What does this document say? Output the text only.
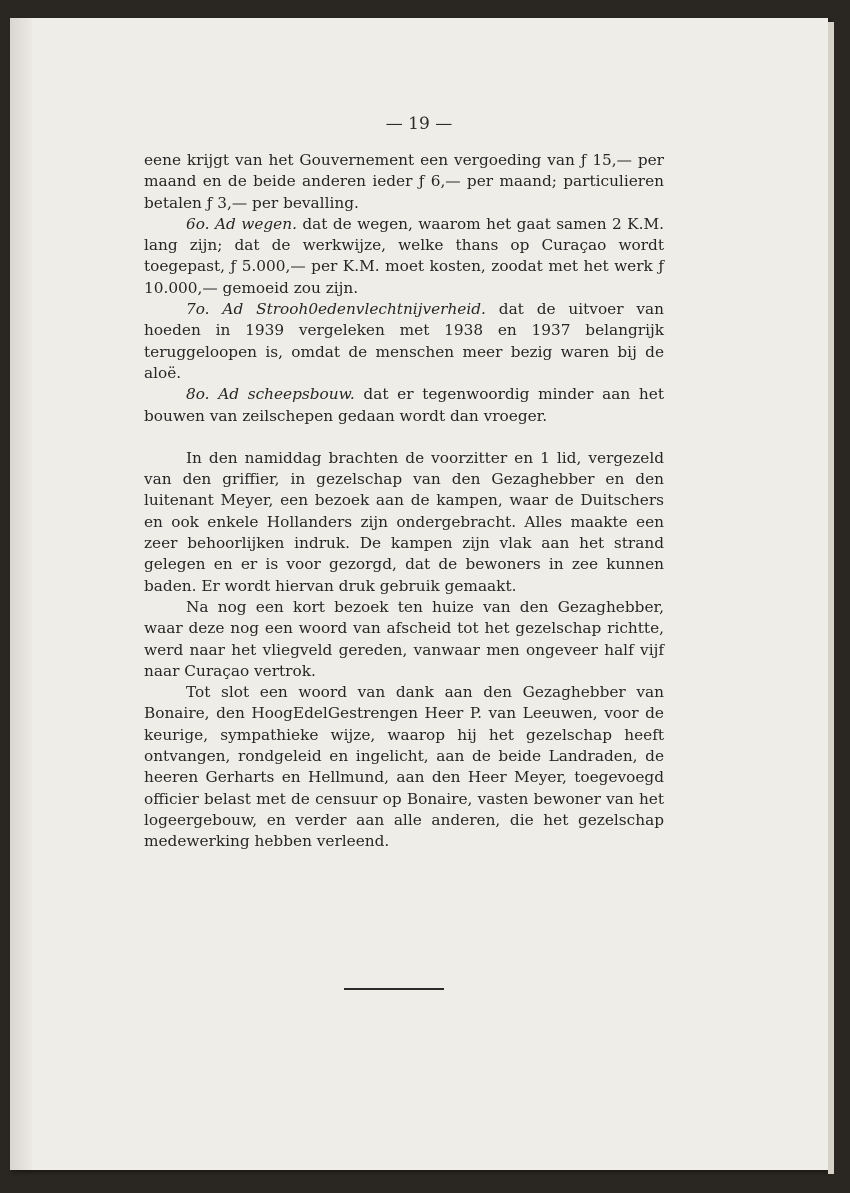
— 19 —

eene krijgt van het Gouvernement een vergoeding van ƒ 15,— per maand en de beide anderen ieder ƒ 6,— per maand; particulieren betalen ƒ 3,— per bevalling.

6o. Ad wegen. dat de wegen, waarom het gaat samen 2 K.M. lang zijn; dat de werkwijze, welke thans op Curaçao wordt toegepast, ƒ 5.000,— per K.M. moet kosten, zoodat met het werk ƒ 10.000,— gemoeid zou zijn.

7o. Ad Strooh0edenvlechtnijverheid. dat de uitvoer van hoeden in 1939 vergeleken met 1938 en 1937 belangrijk teruggeloopen is, omdat de menschen meer bezig waren bij de aloë.

8o. Ad scheepsbouw. dat er tegenwoordig minder aan het bouwen van zeilschepen gedaan wordt dan vroeger.

In den namiddag brachten de voorzitter en 1 lid, vergezeld van den griffier, in gezelschap van den Gezaghebber en den luitenant Meyer, een bezoek aan de kampen, waar de Duitschers en ook enkele Hollanders zijn ondergebracht. Alles maakte een zeer behoorlijken indruk. De kampen zijn vlak aan het strand gelegen en er is voor gezorgd, dat de bewoners in zee kunnen baden. Er wordt hiervan druk gebruik gemaakt.

Na nog een kort bezoek ten huize van den Gezaghebber, waar deze nog een woord van afscheid tot het gezelschap richtte, werd naar het vliegveld gereden, vanwaar men ongeveer half vijf naar Curaçao vertrok.

Tot slot een woord van dank aan den Gezaghebber van Bonaire, den HoogEdelGestrengen Heer P. van Leeuwen, voor de keurige, sympathieke wijze, waarop hij het gezelschap heeft ontvangen, rondgeleid en ingelicht, aan de beide Landraden, de heeren Gerharts en Hellmund, aan den Heer Meyer, toegevoegd officier belast met de censuur op Bonaire, vasten bewoner van het logeergebouw, en verder aan alle anderen, die het gezelschap medewerking hebben verleend.
